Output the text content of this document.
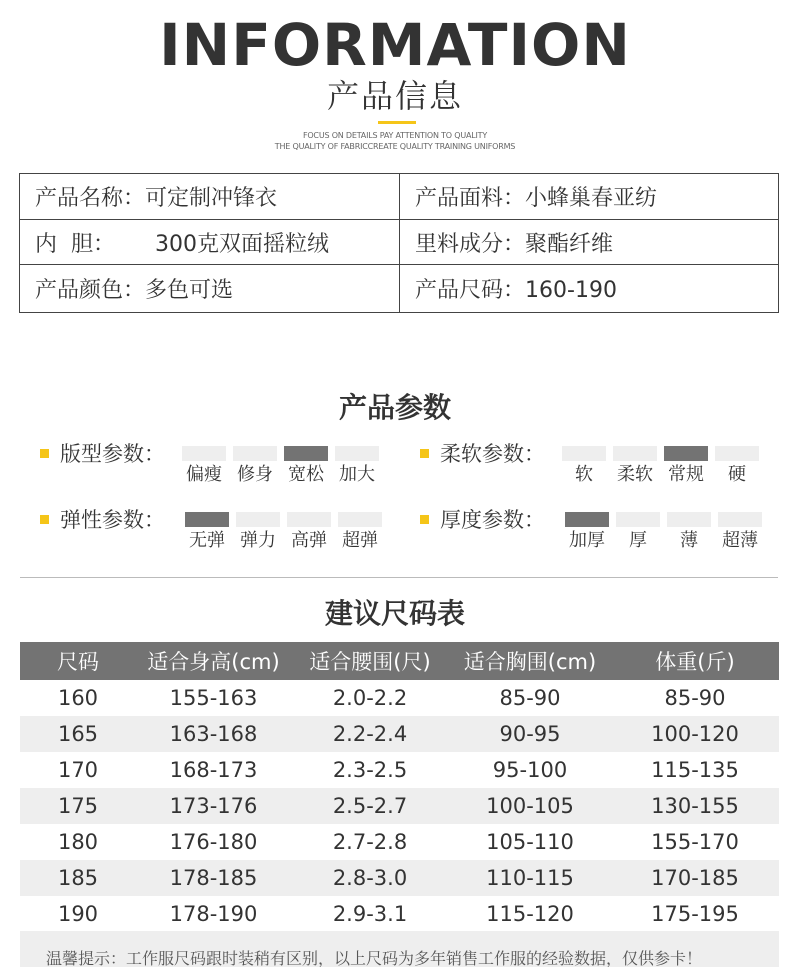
INFORMATION
产品信息
FOCUS ON DETAILS PAY ATTENTION TO QUALITY
THE QUALITY OF FABRICCREATE QUALITY TRAINING UNIFORMS
产品名称：可定制冲锋衣	产品面料：小蜂巢春亚纺
内  胆： 300克双面摇粒绒	里料成分：聚酯纤维
产品颜色：多色可选	产品尺码：160-190
产品参数
版型参数：
偏瘦 修身 宽松 加大
柔软参数：
软	柔软 常规	硬
弹性参数：
无弹 弹力 高弹 超弹
厚度参数：
加厚	厚	薄	超薄
建议尺码表
尺码	适合身高(cm)	适合腰围(尺)	适合胸围(cm)	体重(斤)
160	155-163	2.0-2.2	85-90	85-90
165	163-168	2.2-2.4	90-95	100-120
170	168-173	2.3-2.5	95-100	115-135
175	173-176	2.5-2.7	100-105	130-155
180	176-180	2.7-2.8	105-110	155-170
185	178-185	2.8-3.0	110-115	170-185
190	178-190	2.9-3.1	115-120	175-195
温馨提示：工作服尺码跟时装稍有区别，以上尺码为多年销售工作服的经验数据，仅供参卡！
